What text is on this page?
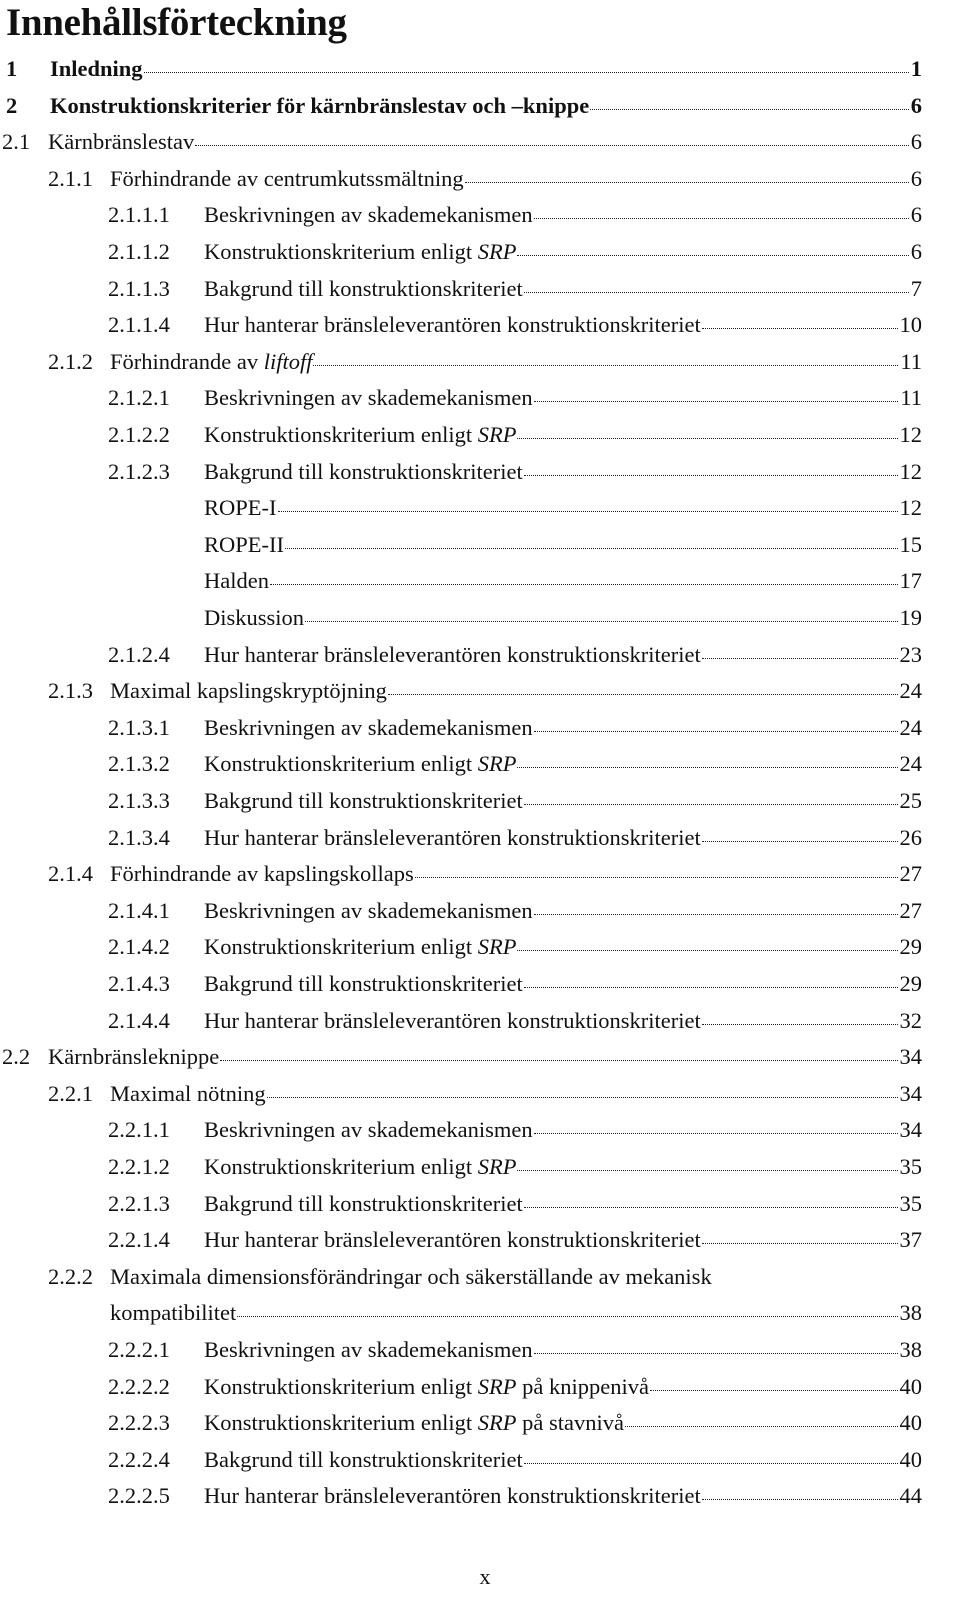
Innehållsförteckning
1 Inledning	1
2 Konstruktionskriterier för kärnbränslestav och –knippe	6
2.1 Kärnbränslestav	6
2.1.1 Förhindrande av centrumkutssmältning	6
2.1.1.1 Beskrivningen av skademekanismen	6
2.1.1.2 Konstruktionskriterium enligt SRP	6
2.1.1.3 Bakgrund till konstruktionskriteriet	7
2.1.1.4 Hur hanterar bränsleleverantören konstruktionskriteriet	10
2.1.2 Förhindrande av liftoff	11
2.1.2.1 Beskrivningen av skademekanismen	11
2.1.2.2 Konstruktionskriterium enligt SRP	12
2.1.2.3 Bakgrund till konstruktionskriteriet	12
ROPE-I	12
ROPE-II	15
Halden	17
Diskussion	19
2.1.2.4 Hur hanterar bränsleleverantören konstruktionskriteriet	23
2.1.3 Maximal kapslingskryptöjning	24
2.1.3.1 Beskrivningen av skademekanismen	24
2.1.3.2 Konstruktionskriterium enligt SRP	24
2.1.3.3 Bakgrund till konstruktionskriteriet	25
2.1.3.4 Hur hanterar bränsleleverantören konstruktionskriteriet	26
2.1.4 Förhindrande av kapslingskollaps	27
2.1.4.1 Beskrivningen av skademekanismen	27
2.1.4.2 Konstruktionskriterium enligt SRP	29
2.1.4.3 Bakgrund till konstruktionskriteriet	29
2.1.4.4 Hur hanterar bränsleleverantören konstruktionskriteriet	32
2.2 Kärnbränsleknippe	34
2.2.1 Maximal nötning	34
2.2.1.1 Beskrivningen av skademekanismen	34
2.2.1.2 Konstruktionskriterium enligt SRP	35
2.2.1.3 Bakgrund till konstruktionskriteriet	35
2.2.1.4 Hur hanterar bränsleleverantören konstruktionskriteriet	37
2.2.2 Maximala dimensionsförändringar och säkerställande av mekanisk
kompatibilitet	38
2.2.2.1 Beskrivningen av skademekanismen	38
2.2.2.2 Konstruktionskriterium enligt SRP på knippenivå	40
2.2.2.3 Konstruktionskriterium enligt SRP på stavnivå	40
2.2.2.4 Bakgrund till konstruktionskriteriet	40
2.2.2.5 Hur hanterar bränsleleverantören konstruktionskriteriet	44
x
